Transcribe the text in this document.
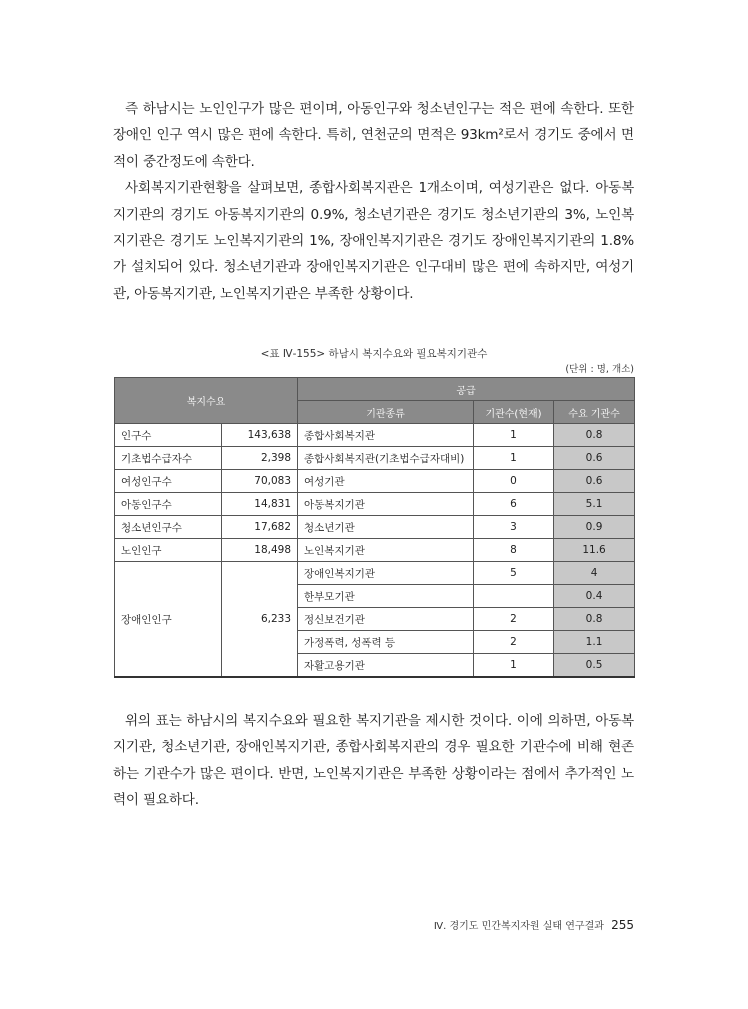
즉 하남시는 노인인구가 많은 편이며, 아동인구와 청소년인구는 적은 편에 속한다. 또한 장애인 인구 역시 많은 편에 속한다. 특히, 연천군의 면적은 93km²로서 경기도 중에서 면적이 중간정도에 속한다.

사회복지기관현황을 살펴보면, 종합사회복지관은 1개소이며, 여성기관은 없다. 아동복지기관의 경기도 아동복지기관의 0.9%, 청소년기관은 경기도 청소년기관의 3%, 노인복지기관은 경기도 노인복지기관의 1%, 장애인복지기관은 경기도 장애인복지기관의 1.8%가 설치되어 있다. 청소년기관과 장애인복지기관은 인구대비 많은 편에 속하지만, 여성기관, 아동복지기관, 노인복지기관은 부족한 상황이다.

<표 Ⅳ-155> 하남시 복지수요와 필요복지기관수
(단위 : 명, 개소)
복지수요		공급		
		기관종류	기관수(현재)	수요 기관수
인구수	143,638	종합사회복지관	1	0.8
기초법수급자수	2,398	종합사회복지관(기초법수급자대비)	1	0.6
여성인구수	70,083	여성기관	0	0.6
아동인구수	14,831	아동복지기관	6	5.1
청소년인구수	17,682	청소년기관	3	0.9
노인인구	18,498	노인복지기관	8	11.6
장애인인구	6,233	장애인복지기관	5	4
		한부모기관		0.4
		정신보건기관	2	0.8
		가정폭력, 성폭력 등	2	1.1
		자활고용기관	1	0.5

위의 표는 하남시의 복지수요와 필요한 복지기관을 제시한 것이다. 이에 의하면, 아동복지기관, 청소년기관, 장애인복지기관, 종합사회복지관의 경우 필요한 기관수에 비해 현존하는 기관수가 많은 편이다. 반면, 노인복지기관은 부족한 상황이라는 점에서 추가적인 노력이 필요하다.

Ⅳ. 경기도 민간복지자원 실태 연구결과 255
